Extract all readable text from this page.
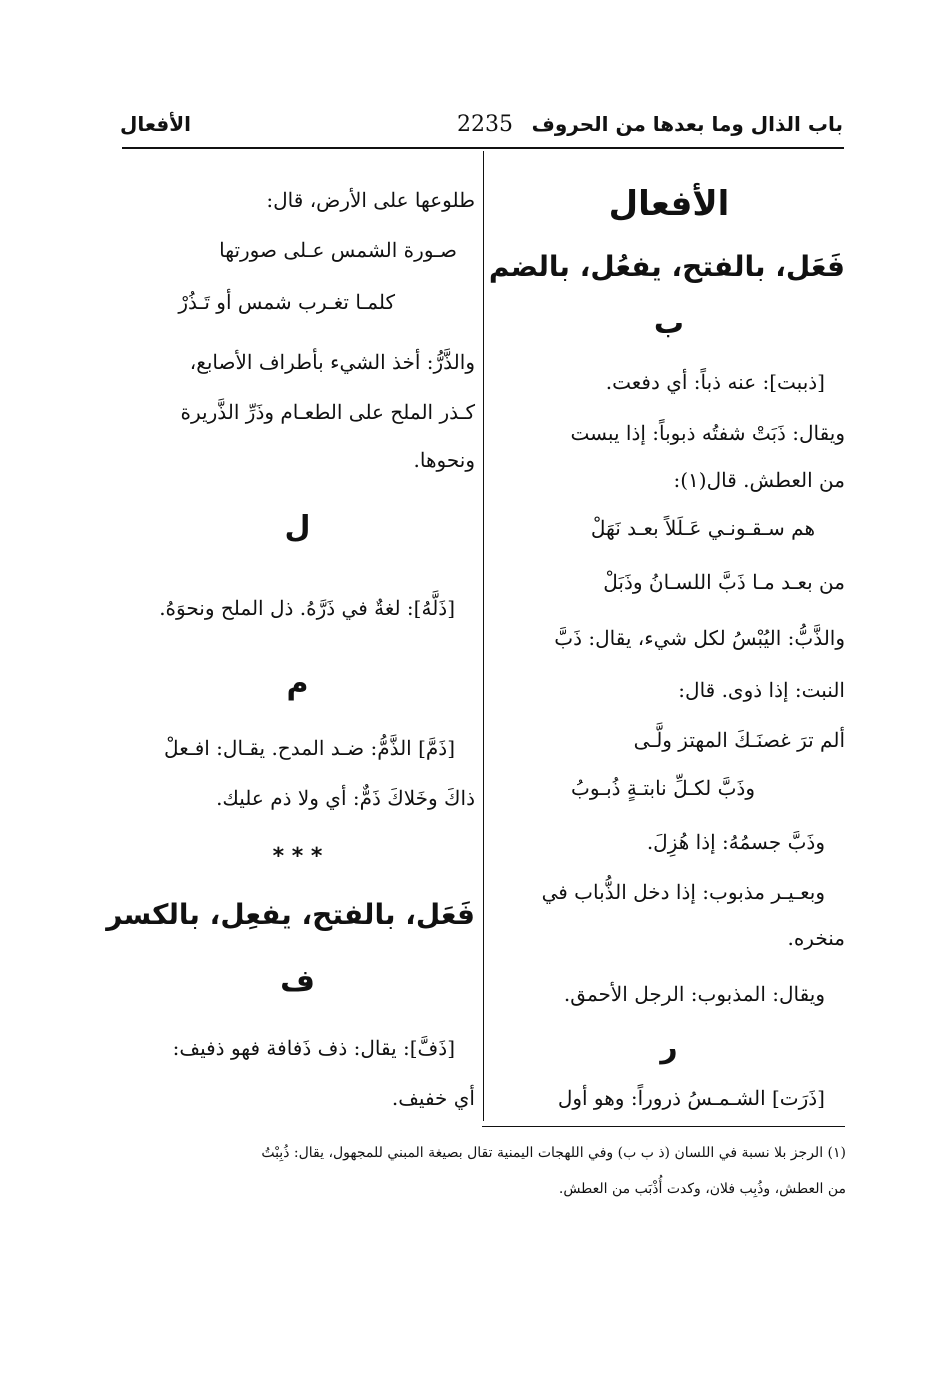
باب الذال وما بعدها من الحروف
2235
الأفعال
الأفعال
فَعَل، بالفتح، يفعُل، بالضم
ب
[ذببت]: عنه ذباً: أي دفعت.
ويقال: ذَبَتْ شفتُه ذبوباً: إذا يبست
من العطش. قال(١):
هم سـقـونـي عَـلَلاً بعـد نَهَلْ
من بعـد مـا ذَبَّ اللسـانُ وذَبَلْ
والذَّبُّ: اليُبْسُ لكل شيء، يقال: ذَبَّ
النبت: إذا ذوى. قال:
ألم ترَ غصنَـكَ المهتز ولَّـى
وذَبَّ لكـلِّ نابتـةٍ ذُبـوبُ
وذَبَّ جسمُهُ: إذا هُزِلَ.
وبعـيـر مذبوب: إذا دخل الذُّباب في
منخره.
ويقال: المذبوب: الرجل الأحمق.
ر
[ذَرَت] الشـمـسُ ذروراً: وهو أول
طلوعها على الأرض، قال:
صـورة الشمس عـلى صورتها
كلمـا تغـرب شمس أو تَـذُرْ
والذَّرُّ: أخذ الشيء بأطراف الأصابع،
كـذر الملح على الطعـام وذَرِّ الذَّريرة
ونحوها.
ل
[ذَلَّهُ]: لغةٌ في ذَرَّهُ. ذل الملح ونحوَهُ.
م
[ذَمَّ] الذَّمُّ: ضـد المدح. يقـال: افـعلْ
ذاكَ وخَلاكَ ذَمٌّ: أي ولا ذم عليك.
* * *
فَعَل، بالفتح، يفعِل، بالكسر
ف
[ذَفَّ]: يقال: ذف ذَفافة فهو ذفيف:
أي خفيف.
(١) الرجز بلا نسبة في اللسان (ذ ب ب) وفي اللهجات اليمنية تقال بصيغة المبني للمجهول، يقال: ذُبِبْتُ
من العطش، وذُبِب فلان، وكدت أُذْبَب من العطش.
